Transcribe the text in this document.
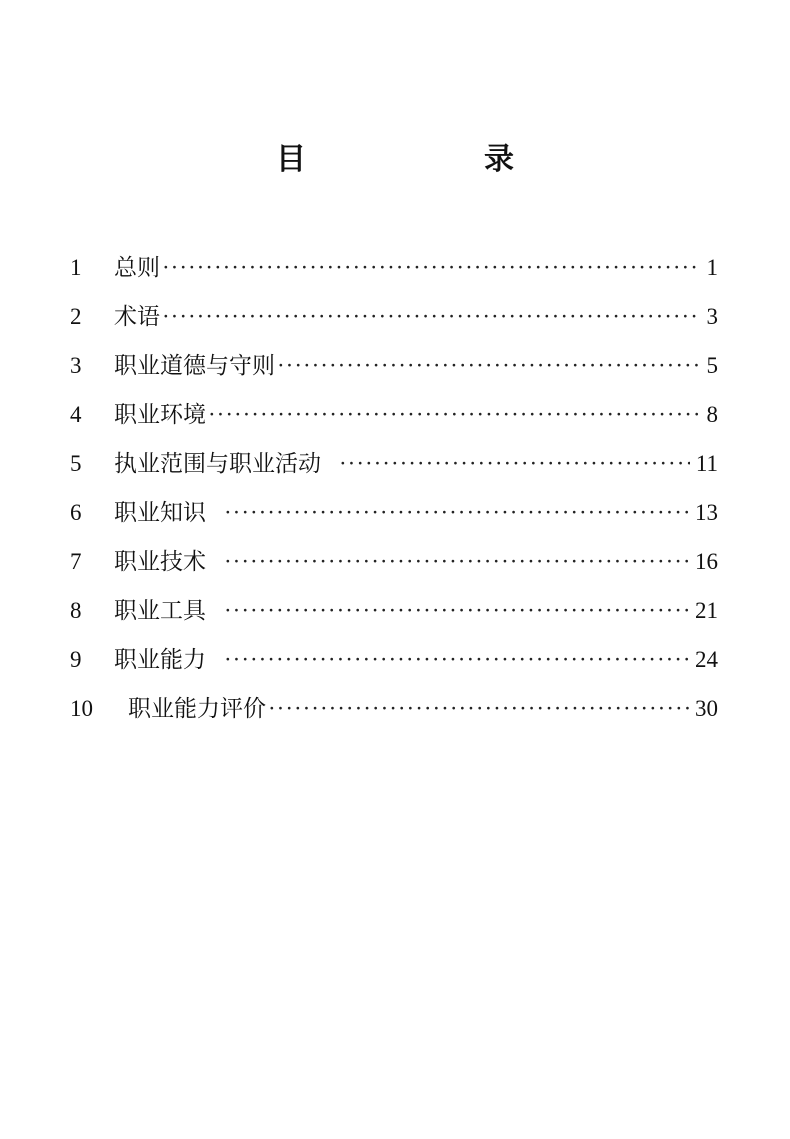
目　录
1	总则 ·····	1
2	术语 ·····	3
3	职业道德与守则 ·····	5
4	职业环境 ·····	8
5	执业范围与职业活动 ·····	11
6	职业知识 ·····	13
7	职业技术 ·····	16
8	职业工具 ·····	21
9	职业能力 ·····	24
10	职业能力评价 ·····	30
